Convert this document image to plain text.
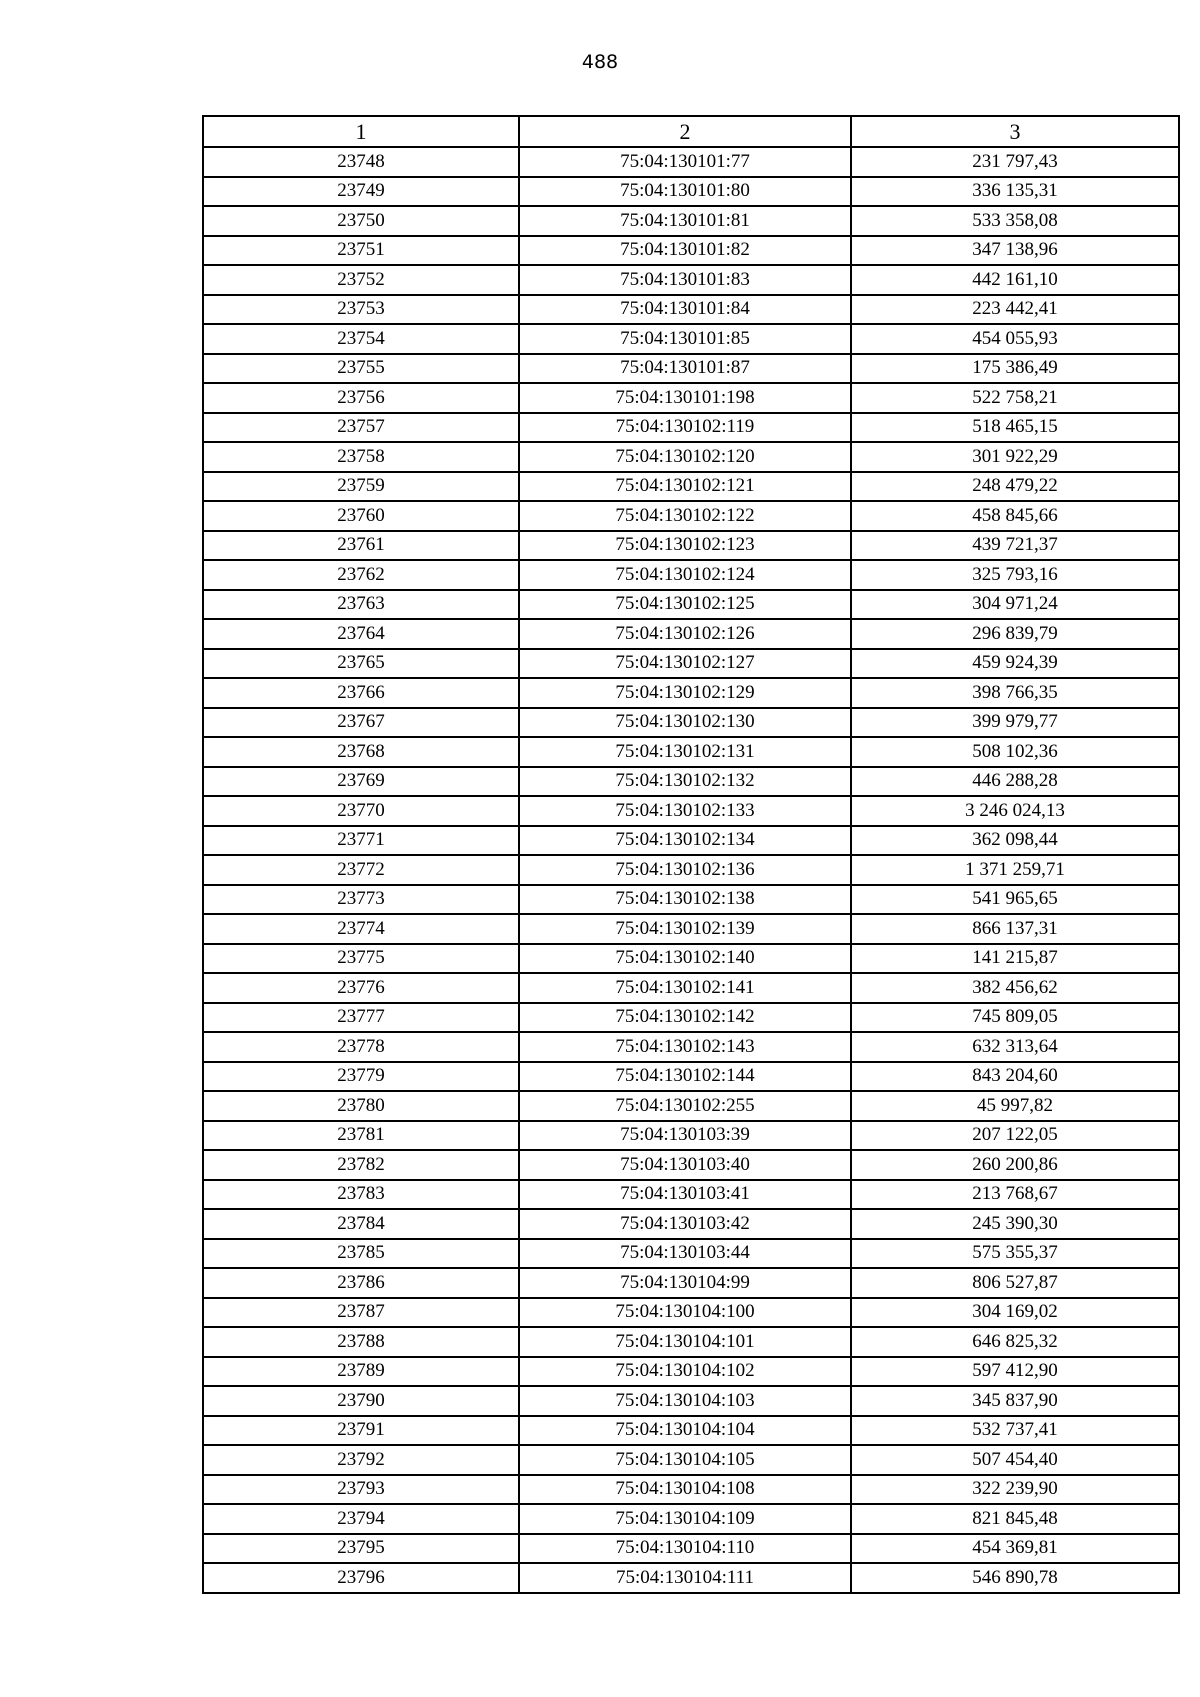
488
1	2	3
23748	75:04:130101:77	231 797,43
23749	75:04:130101:80	336 135,31
23750	75:04:130101:81	533 358,08
23751	75:04:130101:82	347 138,96
23752	75:04:130101:83	442 161,10
23753	75:04:130101:84	223 442,41
23754	75:04:130101:85	454 055,93
23755	75:04:130101:87	175 386,49
23756	75:04:130101:198	522 758,21
23757	75:04:130102:119	518 465,15
23758	75:04:130102:120	301 922,29
23759	75:04:130102:121	248 479,22
23760	75:04:130102:122	458 845,66
23761	75:04:130102:123	439 721,37
23762	75:04:130102:124	325 793,16
23763	75:04:130102:125	304 971,24
23764	75:04:130102:126	296 839,79
23765	75:04:130102:127	459 924,39
23766	75:04:130102:129	398 766,35
23767	75:04:130102:130	399 979,77
23768	75:04:130102:131	508 102,36
23769	75:04:130102:132	446 288,28
23770	75:04:130102:133	3 246 024,13
23771	75:04:130102:134	362 098,44
23772	75:04:130102:136	1 371 259,71
23773	75:04:130102:138	541 965,65
23774	75:04:130102:139	866 137,31
23775	75:04:130102:140	141 215,87
23776	75:04:130102:141	382 456,62
23777	75:04:130102:142	745 809,05
23778	75:04:130102:143	632 313,64
23779	75:04:130102:144	843 204,60
23780	75:04:130102:255	45 997,82
23781	75:04:130103:39	207 122,05
23782	75:04:130103:40	260 200,86
23783	75:04:130103:41	213 768,67
23784	75:04:130103:42	245 390,30
23785	75:04:130103:44	575 355,37
23786	75:04:130104:99	806 527,87
23787	75:04:130104:100	304 169,02
23788	75:04:130104:101	646 825,32
23789	75:04:130104:102	597 412,90
23790	75:04:130104:103	345 837,90
23791	75:04:130104:104	532 737,41
23792	75:04:130104:105	507 454,40
23793	75:04:130104:108	322 239,90
23794	75:04:130104:109	821 845,48
23795	75:04:130104:110	454 369,81
23796	75:04:130104:111	546 890,78
